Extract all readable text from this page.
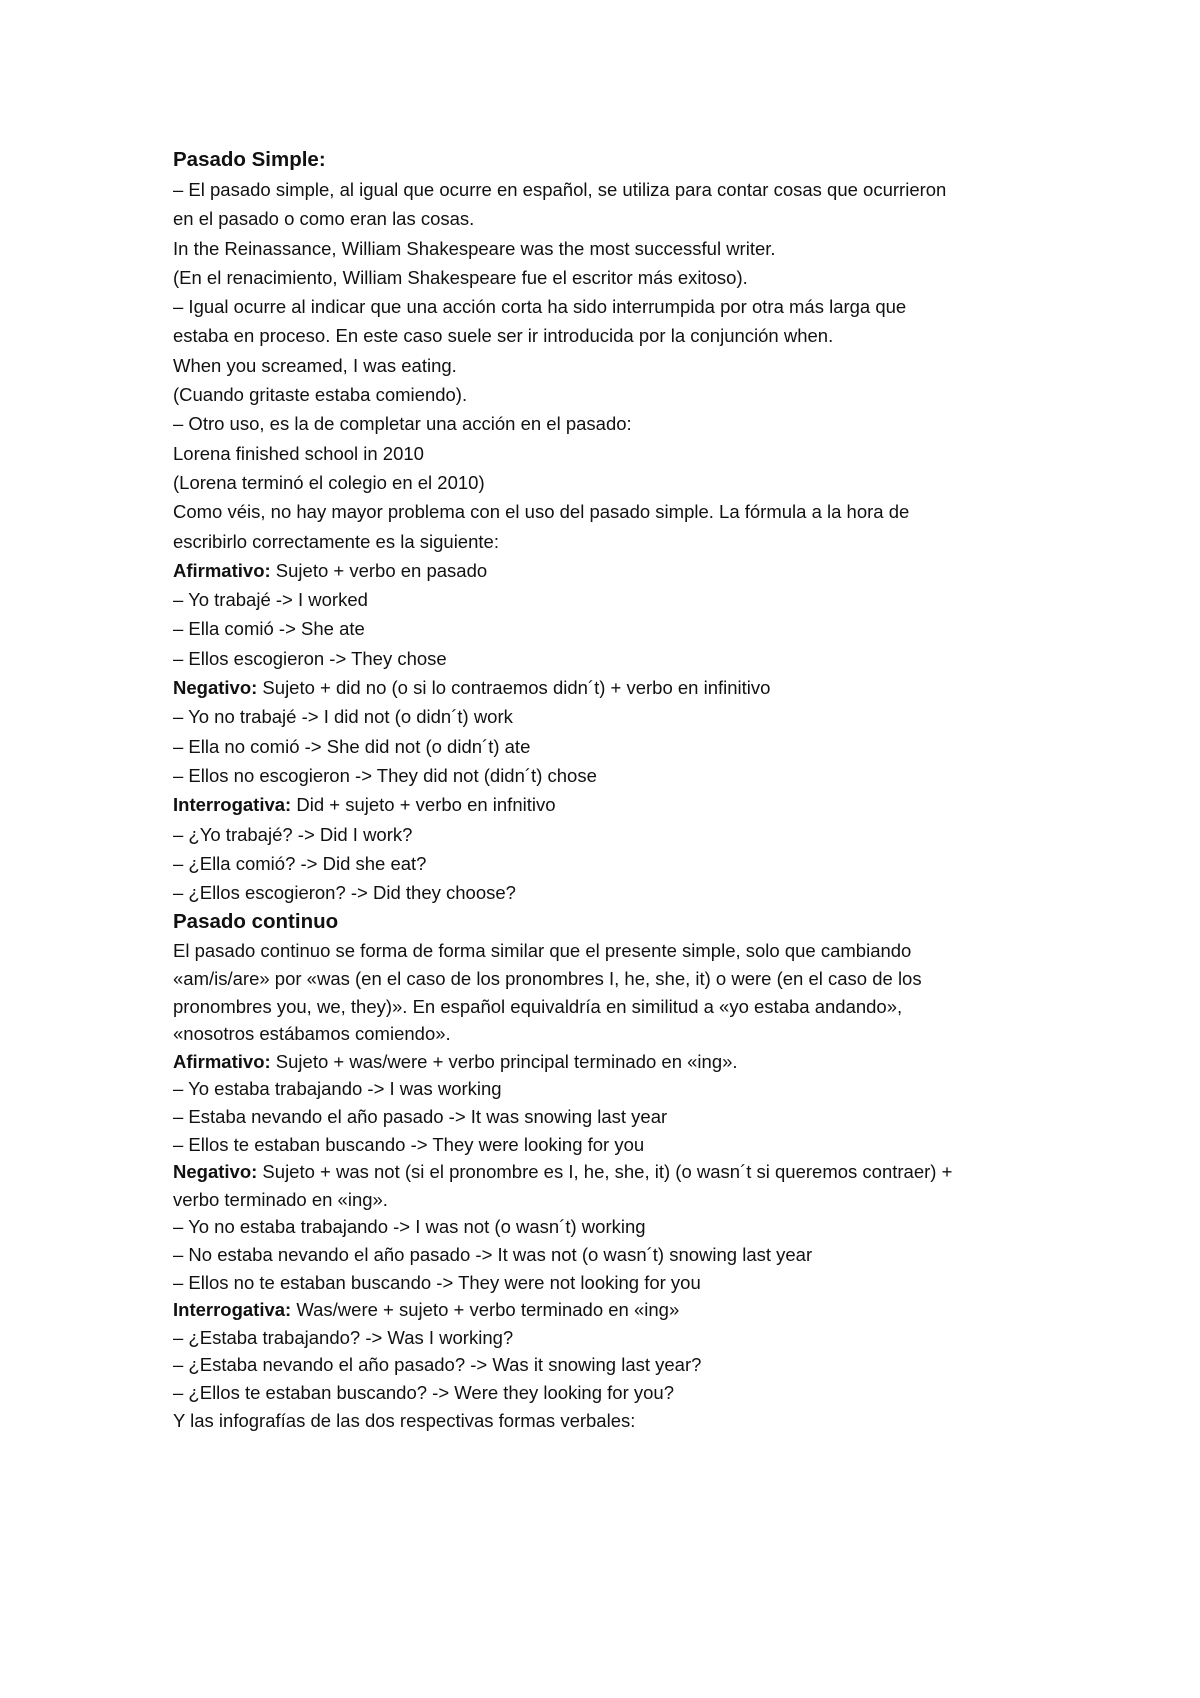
Pasado Simple:

– El pasado simple, al igual que ocurre en español, se utiliza para contar cosas que ocurrieron

en el pasado o como eran las cosas.

In the Reinassance, William Shakespeare was the most successful writer.

(En el renacimiento, William Shakespeare fue el escritor más exitoso).

– Igual ocurre al indicar que una acción corta ha sido interrumpida por otra más larga que

estaba en proceso. En este caso suele ser ir introducida por la conjunción when.

When you screamed, I was eating.

(Cuando gritaste estaba comiendo).

– Otro uso, es la de completar una acción en el pasado:

Lorena finished school in 2010

(Lorena terminó el colegio en el 2010)

Como véis, no hay mayor problema con el uso del pasado simple. La fórmula a la hora de

escribirlo correctamente es la siguiente:

Afirmativo: Sujeto + verbo en pasado

– Yo trabajé -> I worked

– Ella comió -> She ate

– Ellos escogieron -> They chose

Negativo: Sujeto + did no (o si lo contraemos didn´t) + verbo en infinitivo

– Yo no trabajé -> I did not (o didn´t) work

– Ella no comió -> She did not (o didn´t) ate

– Ellos no escogieron -> They did not (didn´t) chose

Interrogativa: Did + sujeto + verbo en infnitivo

– ¿Yo trabajé? -> Did I work?

– ¿Ella comió? -> Did she eat?

– ¿Ellos escogieron? -> Did they choose?

Pasado continuo

El pasado continuo se forma de forma similar que el presente simple, solo que cambiando

«am/is/are» por «was (en el caso de los pronombres I, he, she, it) o were (en el caso de los

pronombres you, we, they)». En español equivaldría en similitud a «yo estaba andando»,

«nosotros estábamos comiendo».

Afirmativo: Sujeto + was/were + verbo principal terminado en «ing».

– Yo estaba trabajando -> I was working

– Estaba nevando el año pasado -> It was snowing last year

– Ellos te estaban buscando -> They were looking for you

Negativo: Sujeto + was not (si el pronombre es I, he, she, it) (o wasn´t si queremos contraer) +

verbo terminado en «ing».

– Yo no estaba trabajando -> I was not (o wasn´t) working

– No estaba nevando el año pasado -> It was not (o wasn´t) snowing last year

– Ellos no te estaban buscando -> They were not looking for you

Interrogativa: Was/were + sujeto + verbo terminado en «ing»

– ¿Estaba trabajando? -> Was I working?

– ¿Estaba nevando el año pasado? -> Was it snowing last year?

– ¿Ellos te estaban buscando? -> Were they looking for you?

Y las infografías de las dos respectivas formas verbales:
